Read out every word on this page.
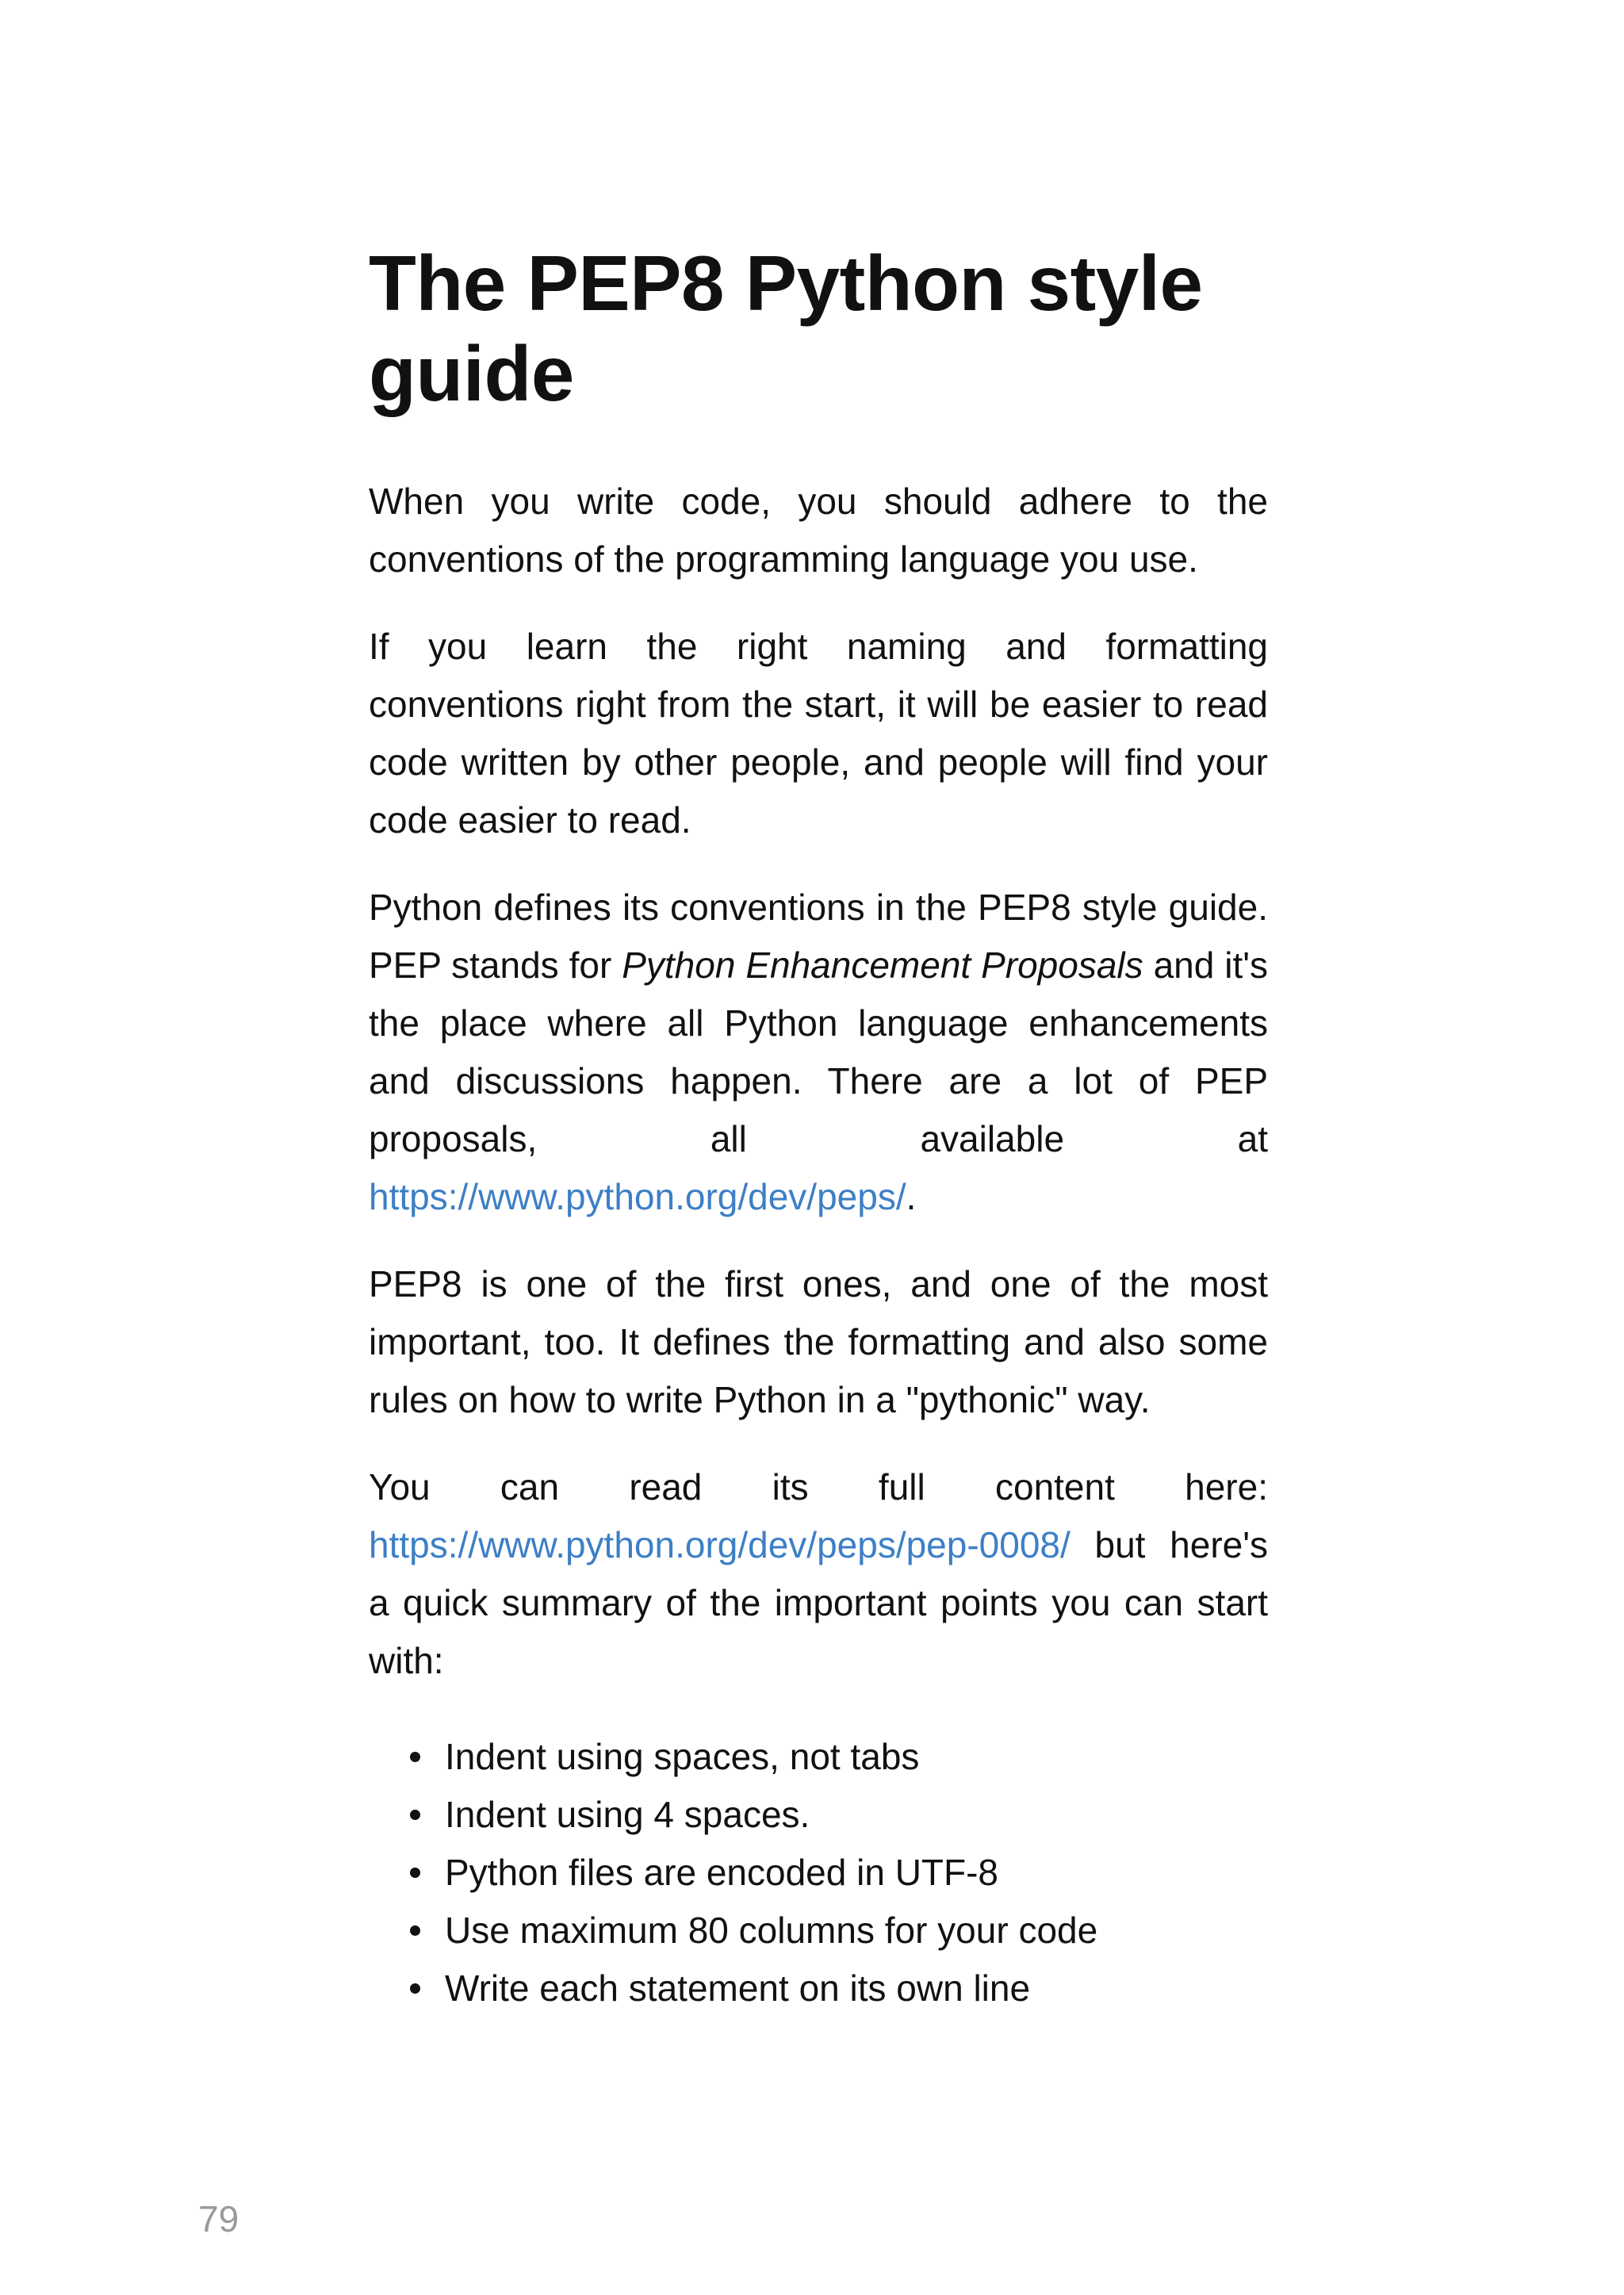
The PEP8 Python style guide

When you write code, you should adhere to the conventions of the programming language you use.

If you learn the right naming and formatting conventions right from the start, it will be easier to read code written by other people, and people will find your code easier to read.

Python defines its conventions in the PEP8 style guide. PEP stands for Python Enhancement Proposals and it's the place where all Python language enhancements and discussions happen. There are a lot of PEP proposals, all available at https://www.python.org/dev/peps/.

PEP8 is one of the first ones, and one of the most important, too. It defines the formatting and also some rules on how to write Python in a "pythonic" way.

You can read its full content here: https://www.python.org/dev/peps/pep-0008/ but here's a quick summary of the important points you can start with:

Indent using spaces, not tabs
Indent using 4 spaces.
Python files are encoded in UTF-8
Use maximum 80 columns for your code
Write each statement on its own line
79
